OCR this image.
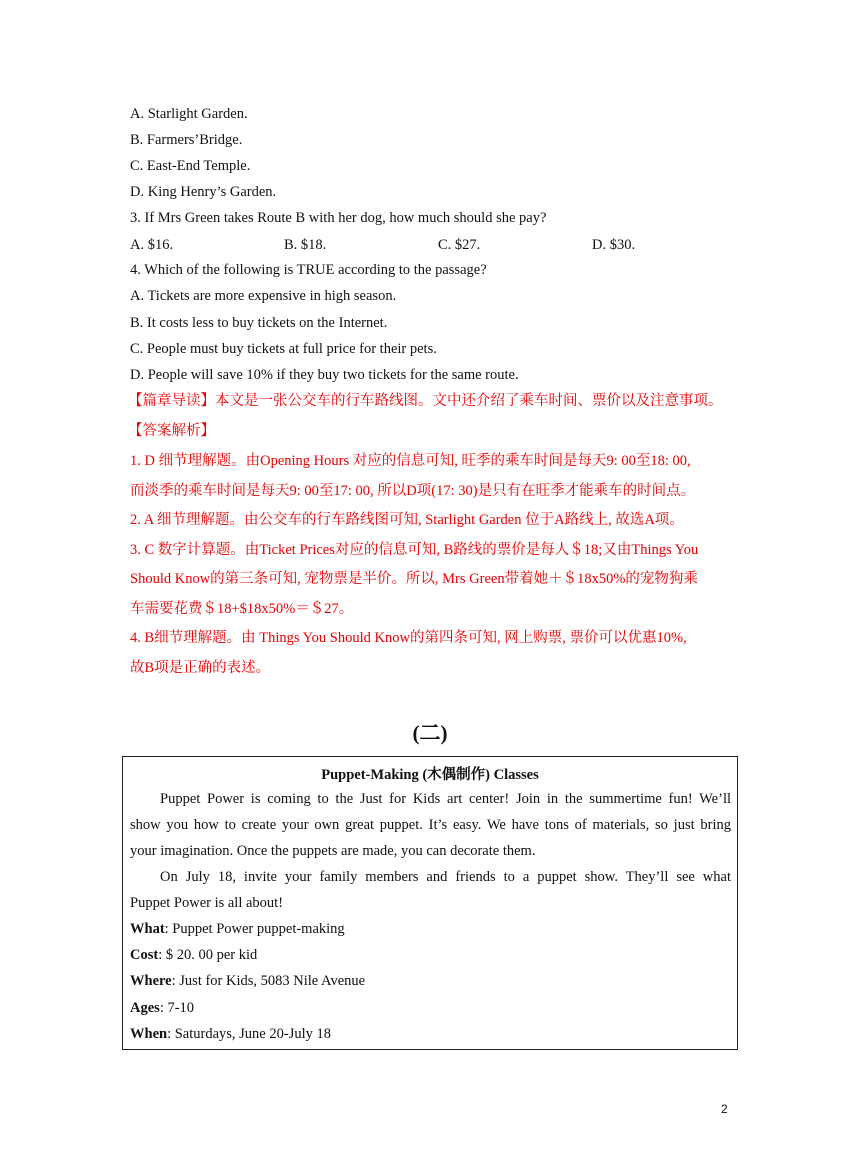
A. Starlight Garden.
B. Farmers’Bridge.
C. East-End Temple.
D. King Henry’s Garden.
3. If Mrs Green takes Route B with her dog, how much should she pay?
A. $16.	B. $18.	C. $27.	D. $30.
4. Which of the following is TRUE according to the passage?
A. Tickets are more expensive in high season.
B. It costs less to buy tickets on the Internet.
C. People must buy tickets at full price for their pets.
D. People will save 10% if they buy two tickets for the same route.
【篇章导读】本文是一张公交车的行车路线图。文中还介绍了乘车时间、票价以及注意事项。
【答案解析】
1. D 细节理解题。由Opening Hours 对应的信息可知, 旺季的乘车时间是每天9: 00至18: 00,
而淡季的乘车时间是每天9: 00至17: 00, 所以D项(17: 30)是只有在旺季才能乘车的时间点。
2. A 细节理解题。由公交车的行车路线图可知, Starlight Garden 位于A路线上, 故选A项。
3. C 数字计算题。由Ticket Prices对应的信息可知, B路线的票价是每人＄18;又由Things You
Should Know的第三条可知, 宠物票是半价。所以, Mrs Green带着她＋＄18x50%的宠物狗乘
车需要花费＄18+$18x50%＝＄27。
4. B细节理解题。由 Things You Should Know的第四条可知, 网上购票, 票价可以优惠10%,
故B项是正确的表述。
(二)
Puppet-Making (木偶制作) Classes
Puppet Power is coming to the Just for Kids art center! Join in the summertime fun! We’ll
show you how to create your own great puppet. It’s easy. We have tons of materials, so just bring
your imagination. Once the puppets are made, you can decorate them.
On July 18, invite your family members and friends to a puppet show. They’ll see what
Puppet Power is all about!
What: Puppet Power puppet-making
Cost: $ 20. 00 per kid
Where: Just for Kids, 5083 Nile Avenue
Ages: 7-10
When: Saturdays, June 20-July 18
2
